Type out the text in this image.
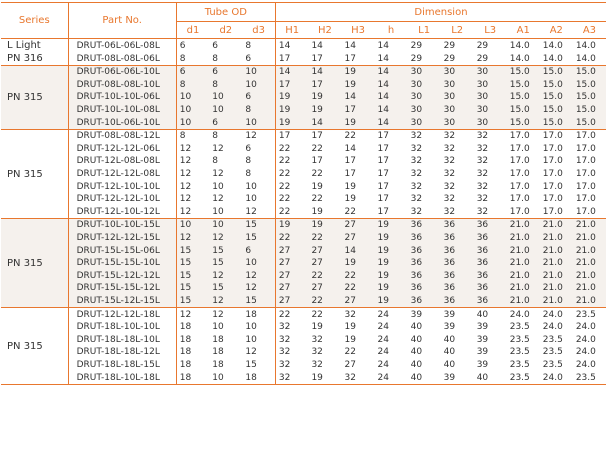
Series	Part No.	Tube OD			Dimension									
		d1	d2	d3	H1	H2	H3	h	L1	L2	L3	A1	A2	A3

L Light
PN 316	DRUT-06L-06L-08L	6	6	8	14	14	14	14	29	29	29	14.0	14.0	14.0
	DRUT-08L-08L-06L	8	8	6	17	17	17	14	29	29	29	14.0	14.0	14.0

PN 315	DRUT-06L-06L-10L	6	6	10	14	14	19	14	30	30	30	15.0	15.0	15.0
	DRUT-08L-08L-10L	8	8	10	17	17	19	14	30	30	30	15.0	15.0	15.0
	DRUT-10L-10L-06L	10	10	6	19	19	14	14	30	30	30	15.0	15.0	15.0
	DRUT-10L-10L-08L	10	10	8	19	19	17	14	30	30	30	15.0	15.0	15.0
	DRUT-10L-06L-10L	10	6	10	19	14	19	14	30	30	30	15.0	15.0	15.0

PN 315	DRUT-08L-08L-12L	8	8	12	17	17	22	17	32	32	32	17.0	17.0	17.0
	DRUT-12L-12L-06L	12	12	6	22	22	14	17	32	32	32	17.0	17.0	17.0
	DRUT-12L-08L-08L	12	8	8	22	17	17	17	32	32	32	17.0	17.0	17.0
	DRUT-12L-12L-08L	12	12	8	22	22	17	17	32	32	32	17.0	17.0	17.0
	DRUT-12L-10L-10L	12	10	10	22	19	19	17	32	32	32	17.0	17.0	17.0
	DRUT-12L-12L-10L	12	12	10	22	22	19	17	32	32	32	17.0	17.0	17.0
	DRUT-12L-10L-12L	12	10	12	22	19	22	17	32	32	32	17.0	17.0	17.0

PN 315	DRUT-10L-10L-15L	10	10	15	19	19	27	19	36	36	36	21.0	21.0	21.0
	DRUT-12L-12L-15L	12	12	15	22	22	27	19	36	36	36	21.0	21.0	21.0
	DRUT-15L-15L-06L	15	15	6	27	27	14	19	36	36	36	21.0	21.0	21.0
	DRUT-15L-15L-10L	15	15	10	27	27	19	19	36	36	36	21.0	21.0	21.0
	DRUT-15L-12L-12L	15	12	12	27	22	22	19	36	36	36	21.0	21.0	21.0
	DRUT-15L-15L-12L	15	15	12	27	27	22	19	36	36	36	21.0	21.0	21.0
	DRUT-15L-12L-15L	15	12	15	27	22	27	19	36	36	36	21.0	21.0	21.0

PN 315	DRUT-12L-12L-18L	12	12	18	22	22	32	24	39	39	40	24.0	24.0	23.5
	DRUT-18L-10L-10L	18	10	10	32	19	19	24	40	39	39	23.5	24.0	24.0
	DRUT-18L-18L-10L	18	18	10	32	32	19	24	40	40	39	23.5	23.5	24.0
	DRUT-18L-18L-12L	18	18	12	32	32	22	24	40	40	39	23.5	23.5	24.0
	DRUT-18L-18L-15L	18	18	15	32	32	27	24	40	40	39	23.5	23.5	24.0
	DRUT-18L-10L-18L	18	10	18	32	19	32	24	40	39	40	23.5	24.0	23.5
